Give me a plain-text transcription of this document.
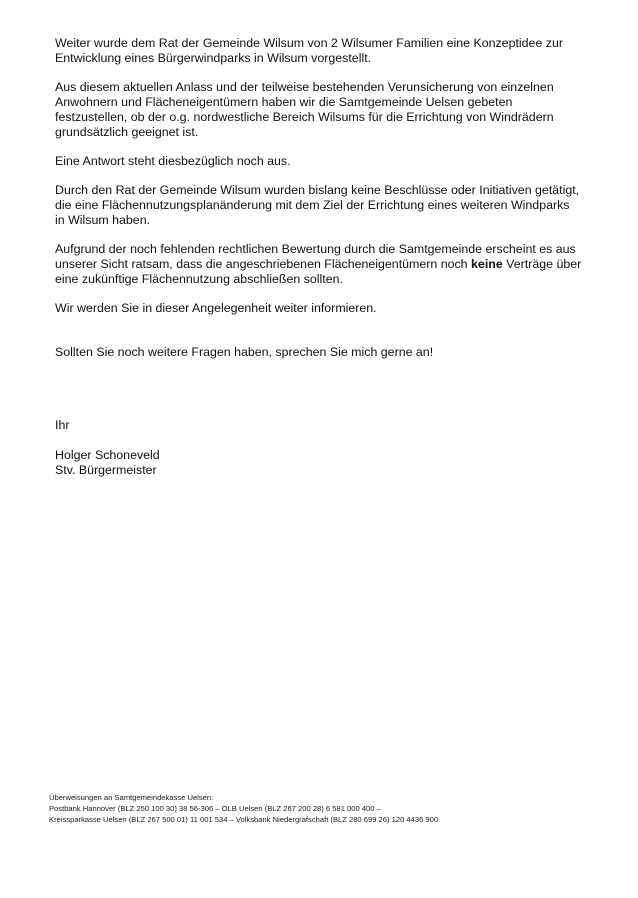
Weiter wurde dem Rat der Gemeinde Wilsum von 2 Wilsumer Familien eine Konzeptidee zur
Entwicklung eines Bürgerwindparks in Wilsum vorgestellt.

Aus diesem aktuellen Anlass und der teilweise bestehenden Verunsicherung von einzelnen
Anwohnern und Flächeneigentümern haben wir die Samtgemeinde Uelsen gebeten
festzustellen, ob der o.g. nordwestliche Bereich Wilsums für die Errichtung von Windrädern
grundsätzlich geeignet ist.

Eine Antwort steht diesbezüglich noch aus.

Durch den Rat der Gemeinde Wilsum wurden bislang keine Beschlüsse oder Initiativen getätigt,
die eine Flächennutzungsplanänderung mit dem Ziel der Errichtung eines weiteren Windparks
in Wilsum haben.

Aufgrund der noch fehlenden rechtlichen Bewertung durch die Samtgemeinde erscheint es aus
unserer Sicht ratsam, dass die angeschriebenen Flächeneigentümern noch keine Verträge über
eine zukünftige Flächennutzung abschließen sollten.

Wir werden Sie in dieser Angelegenheit weiter informieren.

Sollten Sie noch weitere Fragen haben, sprechen Sie mich gerne an!

Ihr

Holger Schoneveld
Stv. Bürgermeister

Überweisungen an Samtgemeindekasse Uelsen:
Postbank Hannover (BLZ 250 100 30) 38 56-306 – OLB Uelsen (BLZ 267 200 28) 6 581 000 400 –
Kreissparkasse Uelsen (BLZ 267 500 01) 11 001 534 – Volksbank Niedergrafschaft (BLZ 280 699 26) 120 4436 900
